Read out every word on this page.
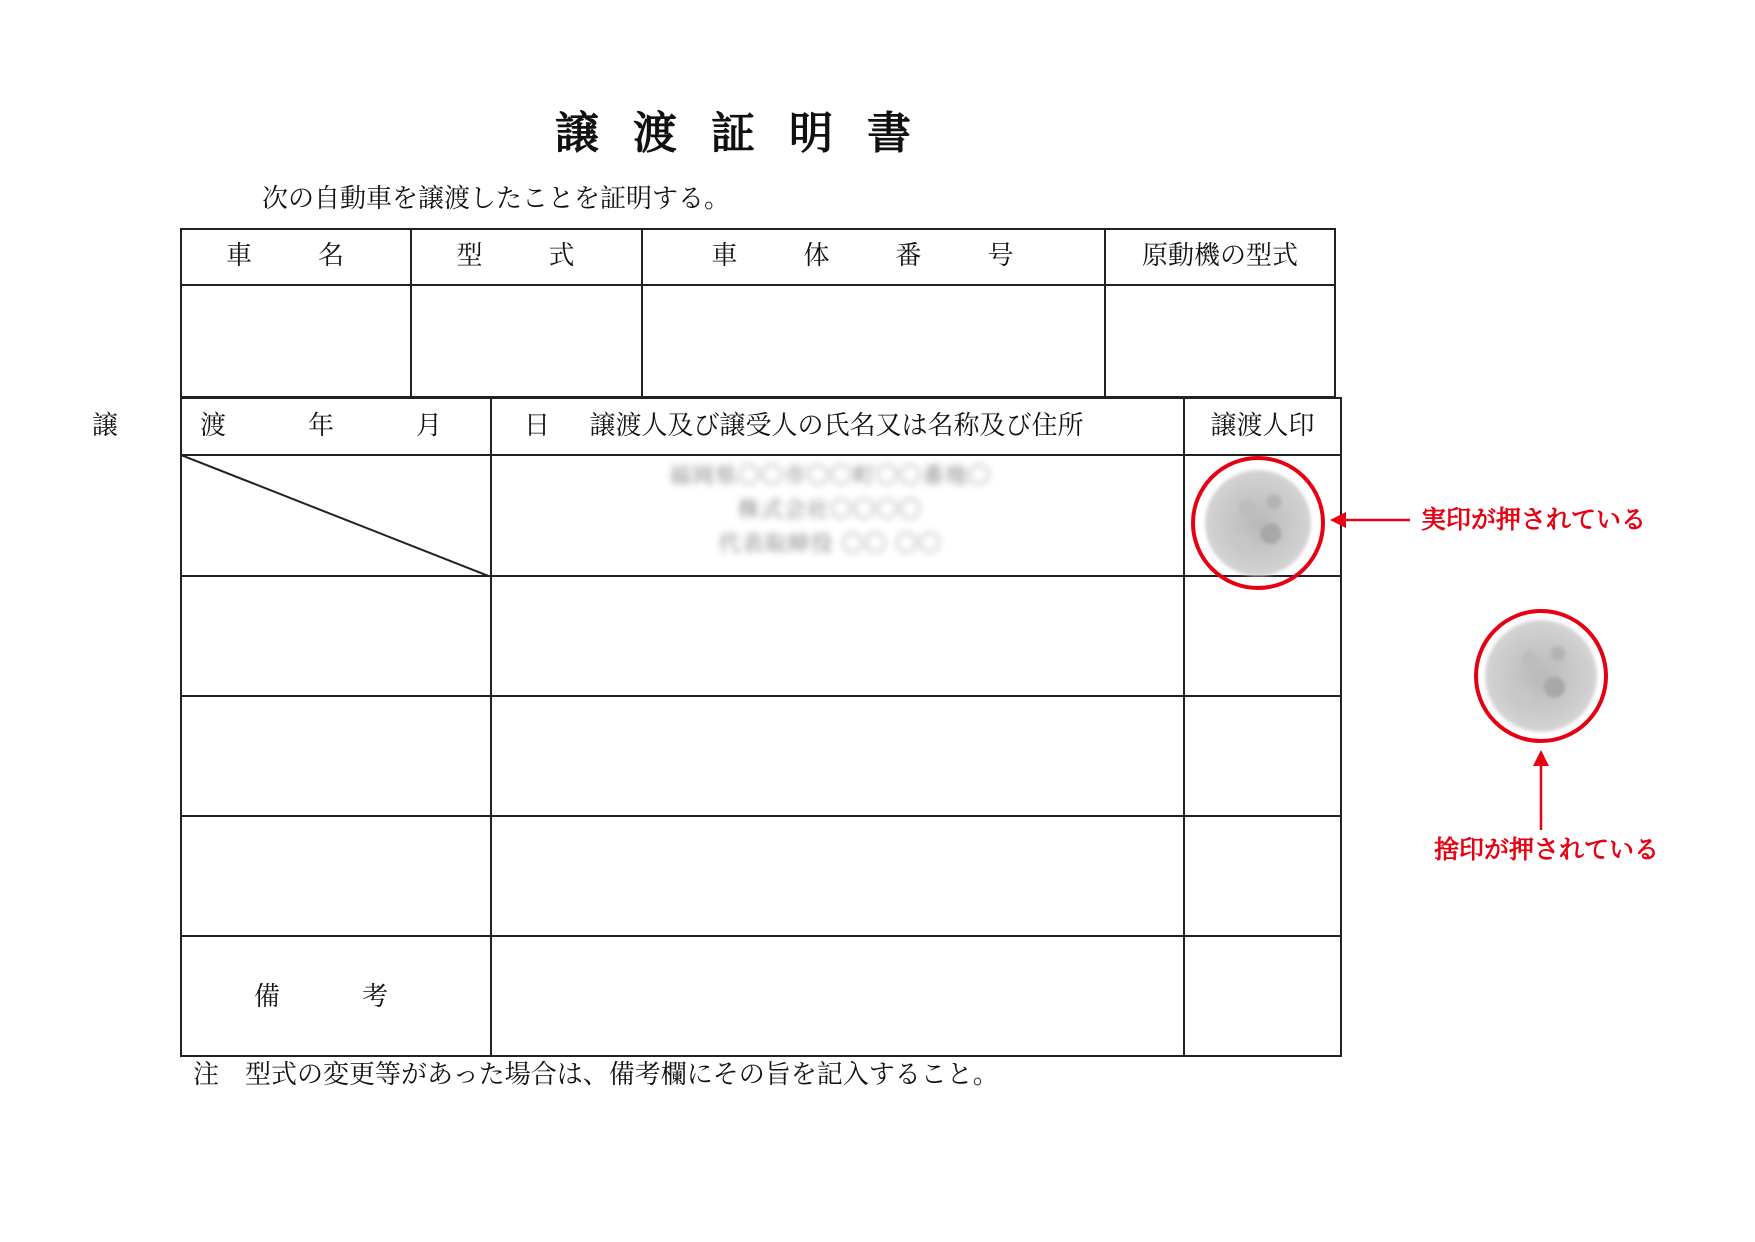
譲渡証明書
次の自動車を譲渡したことを証明する。
車　名	型　式	車　体　番　号	原動機の型式
譲　渡　年　月　日 譲渡人及び譲受人の氏名又は名称及び住所	譲渡人印
福岡県〇〇市〇〇町〇〇番地〇
株式会社〇〇〇〇
代表取締役 〇〇 〇〇
備　考
実印が押されている
捨印が押されている
注　型式の変更等があった場合は、備考欄にその旨を記入すること。
